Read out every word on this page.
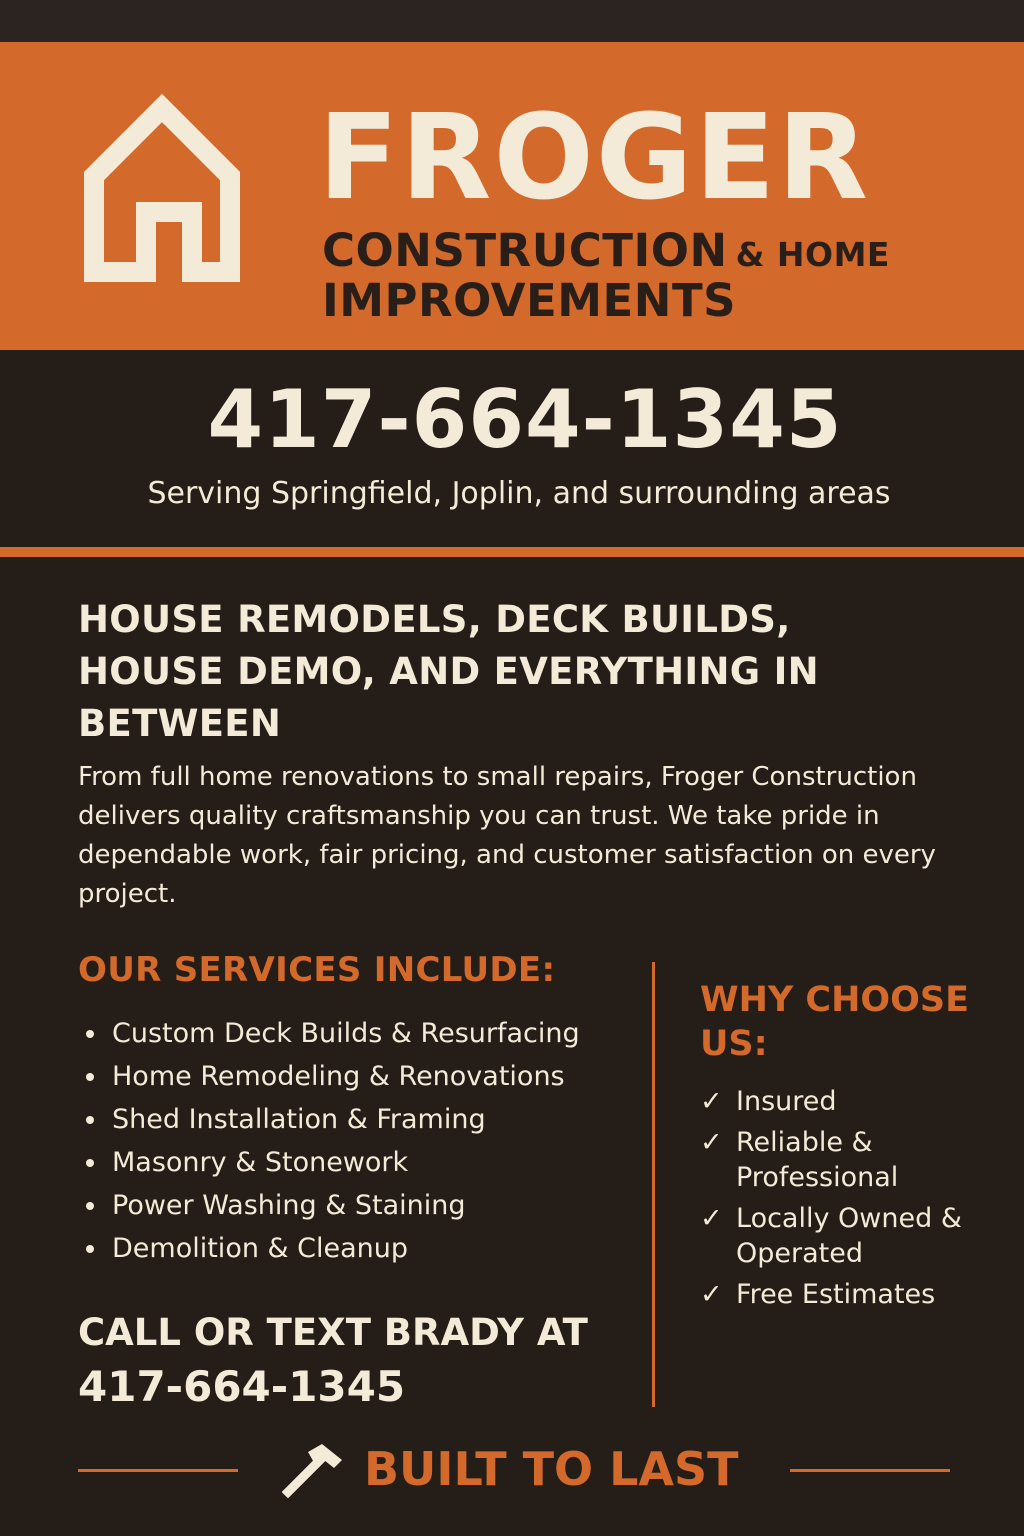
FROGER
CONSTRUCTION & HOME
IMPROVEMENTS
417-664-1345
Serving Springfield, Joplin, and surrounding areas
HOUSE REMODELS, DECK BUILDS, HOUSE DEMO, AND EVERYTHING IN BETWEEN

From full home renovations to small repairs, Froger Construction delivers quality craftsmanship you can trust. We take pride in dependable work, fair pricing, and customer satisfaction on every project.

OUR SERVICES INCLUDE:
Custom Deck Builds & Resurfacing
Home Remodeling & Renovations
Shed Installation & Framing
Masonry & Stonework
Power Washing & Staining
Demolition & Cleanup
WHY CHOOSE US:
✓ Insured
✓ Reliable & Professional
✓ Locally Owned & Operated
✓ Free Estimates
CALL OR TEXT BRADY AT
417-664-1345
BUILT TO LAST
